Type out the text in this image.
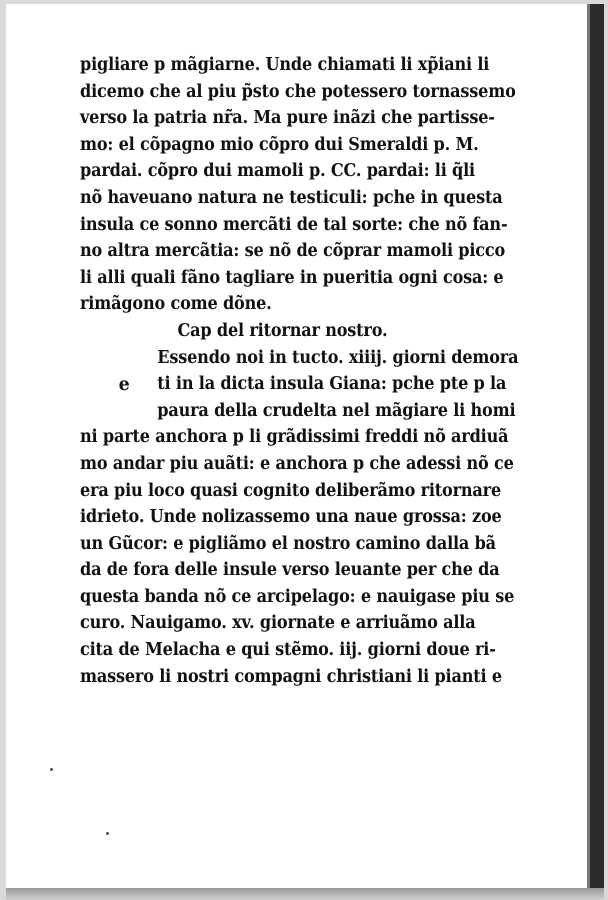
pigliare p mãgiarne. Unde chiamati li xp̃iani li
dicemo che al piu p̃sto che potessero tornassemo
verso la patria nr̃a. Ma pure inãzi che partisse-
mo: el cõpagno mio cõpro dui Smeraldi p. M.
pardai. cõpro dui mamoli p. CC. pardai: li q̃li
nõ haveuano natura ne testiculi: pche in questa
insula ce sonno mercãti de tal sorte: che nõ fan-
no altra mercãtia: se nõ de cõprar mamoli picco
li alli quali fãno tagliare in pueritia ogni cosa: e
rimãgono come dõne.
Cap del ritornar nostro.
Essendo noi in tucto. xiiij. giorni demora
e ti in la dicta insula Giana: pche pte p la
paura della crudelta nel mãgiare li homi
ni parte anchora p li grãdissimi freddi nõ ardiuã
mo andar piu auãti: e anchora p che adessi nõ ce
era piu loco quasi cognito deliberãmo ritornare
idrieto. Unde nolizassemo una naue grossa: zoe
un Gũcor: e pigliãmo el nostro camino dalla bã
da de fora delle insule verso leuante per che da
questa banda nõ ce arcipelago: e nauigase piu se
curo. Nauigamo. xv. giornate e arriuãmo alla
cita de Melacha e qui stẽmo. iij. giorni doue ri-
massero li nostri compagni christiani li pianti e
